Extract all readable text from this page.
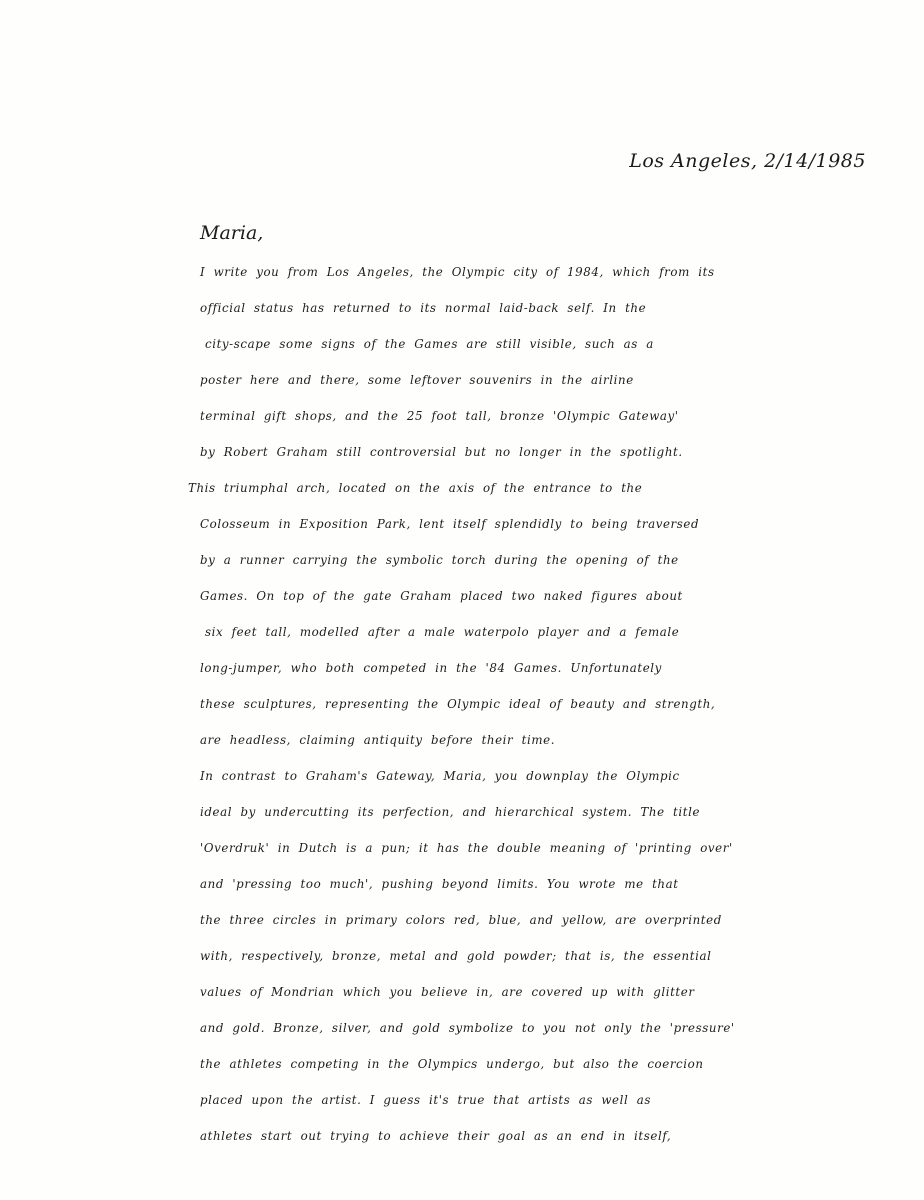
Los Angeles, 2/14/1985
Maria,
I write you from Los Angeles, the Olympic city of 1984, which from its
official status has returned to its normal laid-back self. In the
city-scape some signs of the Games are still visible, such as a
poster here and there, some leftover souvenirs in the airline
terminal gift shops, and the 25 foot tall, bronze 'Olympic Gateway'
by Robert Graham still controversial but no longer in the spotlight.
This triumphal arch, located on the axis of the entrance to the
Colosseum in Exposition Park, lent itself splendidly to being traversed
by a runner carrying the symbolic torch during the opening of the
Games. On top of the gate Graham placed two naked figures about
six feet tall, modelled after a male waterpolo player and a female
long-jumper, who both competed in the '84 Games. Unfortunately
these sculptures, representing the Olympic ideal of beauty and strength,
are headless, claiming antiquity before their time.
In contrast to Graham's Gateway, Maria, you downplay the Olympic
ideal by undercutting its perfection, and hierarchical system. The title
'Overdruk' in Dutch is a pun; it has the double meaning of 'printing over'
and 'pressing too much', pushing beyond limits. You wrote me that
the three circles in primary colors red, blue, and yellow, are overprinted
with, respectively, bronze, metal and gold powder; that is, the essential
values of Mondrian which you believe in, are covered up with glitter
and gold. Bronze, silver, and gold symbolize to you not only the 'pressure'
the athletes competing in the Olympics undergo, but also the coercion
placed upon the artist. I guess it's true that artists as well as
athletes start out trying to achieve their goal as an end in itself,
